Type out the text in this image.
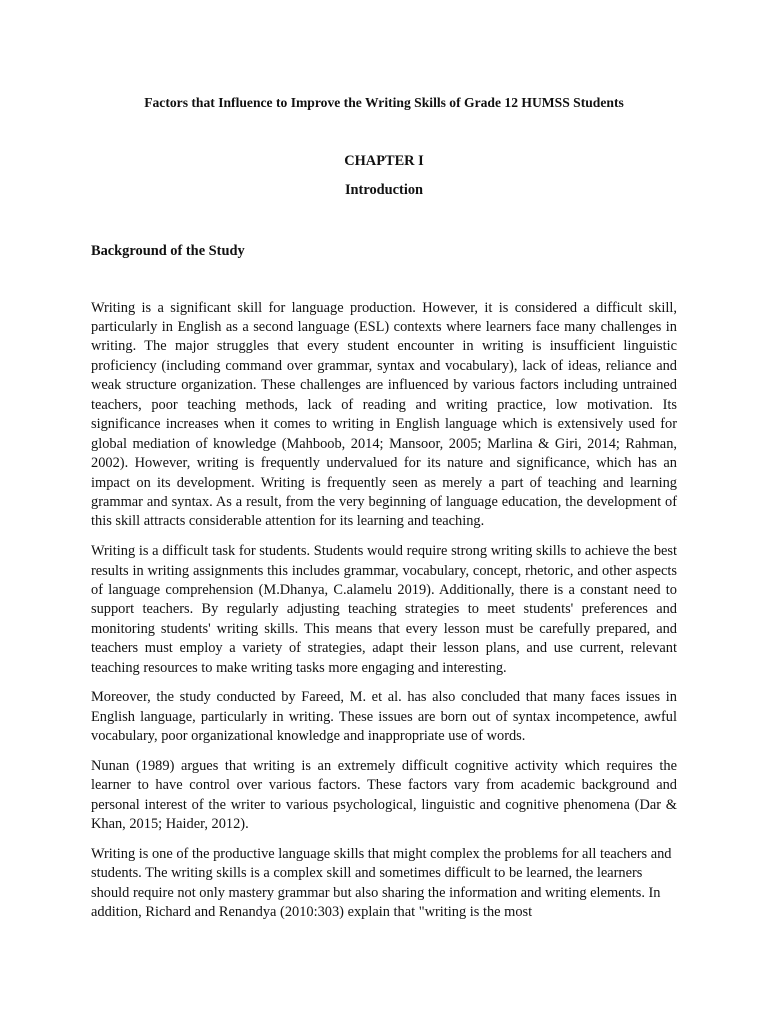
Factors that Influence to Improve the Writing Skills of Grade 12 HUMSS Students
CHAPTER I
Introduction
Background of the Study

Writing is a significant skill for language production. However, it is considered a difficult skill, particularly in English as a second language (ESL) contexts where learners face many challenges in writing. The major struggles that every student encounter in writing is insufficient linguistic proficiency (including command over grammar, syntax and vocabulary), lack of ideas, reliance and weak structure organization. These challenges are influenced by various factors including untrained teachers, poor teaching methods, lack of reading and writing practice, low motivation. Its significance increases when it comes to writing in English language which is extensively used for global mediation of knowledge (Mahboob, 2014; Mansoor, 2005; Marlina & Giri, 2014; Rahman, 2002). However, writing is frequently undervalued for its nature and significance, which has an impact on its development. Writing is frequently seen as merely a part of teaching and learning grammar and syntax. As a result, from the very beginning of language education, the development of this skill attracts considerable attention for its learning and teaching.

Writing is a difficult task for students. Students would require strong writing skills to achieve the best results in writing assignments this includes grammar, vocabulary, concept, rhetoric, and other aspects of language comprehension (M.Dhanya, C.alamelu 2019). Additionally, there is a constant need to support teachers. By regularly adjusting teaching strategies to meet students' preferences and monitoring students' writing skills. This means that every lesson must be carefully prepared, and teachers must employ a variety of strategies, adapt their lesson plans, and use current, relevant teaching resources to make writing tasks more engaging and interesting.

Moreover, the study conducted by Fareed, M. et al. has also concluded that many faces issues in English language, particularly in writing. These issues are born out of syntax incompetence, awful vocabulary, poor organizational knowledge and inappropriate use of words.

Nunan (1989) argues that writing is an extremely difficult cognitive activity which requires the learner to have control over various factors. These factors vary from academic background and personal interest of the writer to various psychological, linguistic and cognitive phenomena (Dar & Khan, 2015; Haider, 2012).

Writing is one of the productive language skills that might complex the problems for all teachers and students. The writing skills is a complex skill and sometimes difficult to be learned, the learners should require not only mastery grammar but also sharing the information and writing elements. In addition, Richard and Renandya (2010:303) explain that "writing is the most
